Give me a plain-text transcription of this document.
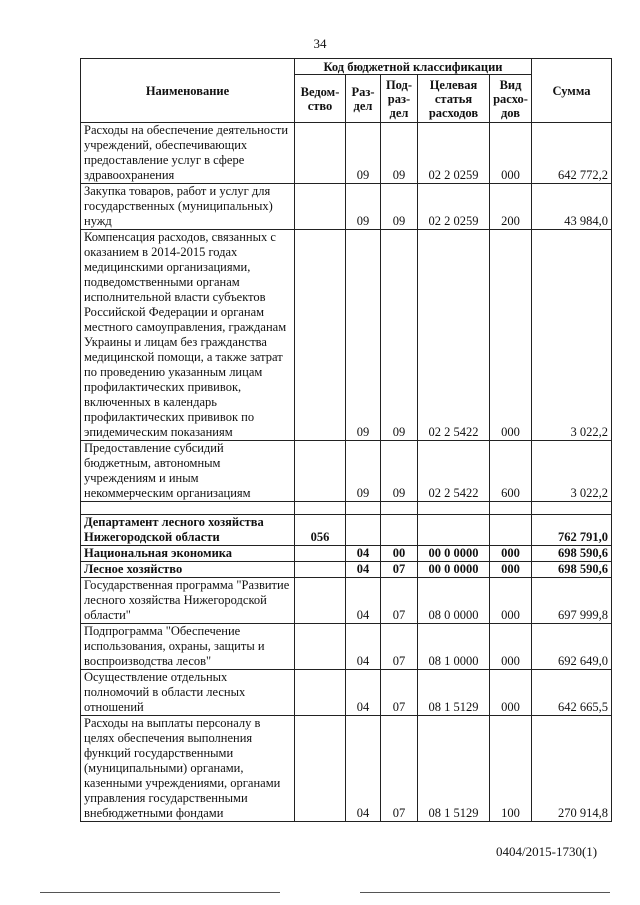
34
Наименование	Код бюджетной классификации					Сумма
	Ведом-ство	Раз-дел	Под-раз-дел	Целевая статья расходов	Вид расхо-дов	
Расходы на обеспечение деятельности учреждений, обеспечивающих предоставление услуг в сфере здравоохранения		09	09	02 2 0259	000	642 772,2
Закупка товаров, работ и услуг для государственных (муниципальных) нужд		09	09	02 2 0259	200	43 984,0
Компенсация расходов, связанных с оказанием в 2014-2015 годах медицинскими организациями, подведомственными органам исполнительной власти субъектов Российской Федерации и органам местного самоуправления, гражданам Украины и лицам без гражданства медицинской помощи, а также затрат по проведению указанным лицам профилактических прививок, включенных в календарь профилактических прививок по эпидемическим показаниям		09	09	02 2 5422	000	3 022,2
Предоставление субсидий бюджетным, автономным учреждениям и иным некоммерческим организациям		09	09	02 2 5422	600	3 022,2

Департамент лесного хозяйства Нижегородской области	056					762 791,0
Национальная экономика		04	00	00 0 0000	000	698 590,6
Лесное хозяйство		04	07	00 0 0000	000	698 590,6
Государственная программа "Развитие лесного хозяйства Нижегородской области"		04	07	08 0 0000	000	697 999,8
Подпрограмма "Обеспечение использования, охраны, защиты и воспроизводства лесов"		04	07	08 1 0000	000	692 649,0
Осуществление отдельных полномочий в области лесных отношений		04	07	08 1 5129	000	642 665,5
Расходы на выплаты персоналу в целях обеспечения выполнения функций государственными (муниципальными) органами, казенными учреждениями, органами управления государственными внебюджетными фондами		04	07	08 1 5129	100	270 914,8
0404/2015-1730(1)
